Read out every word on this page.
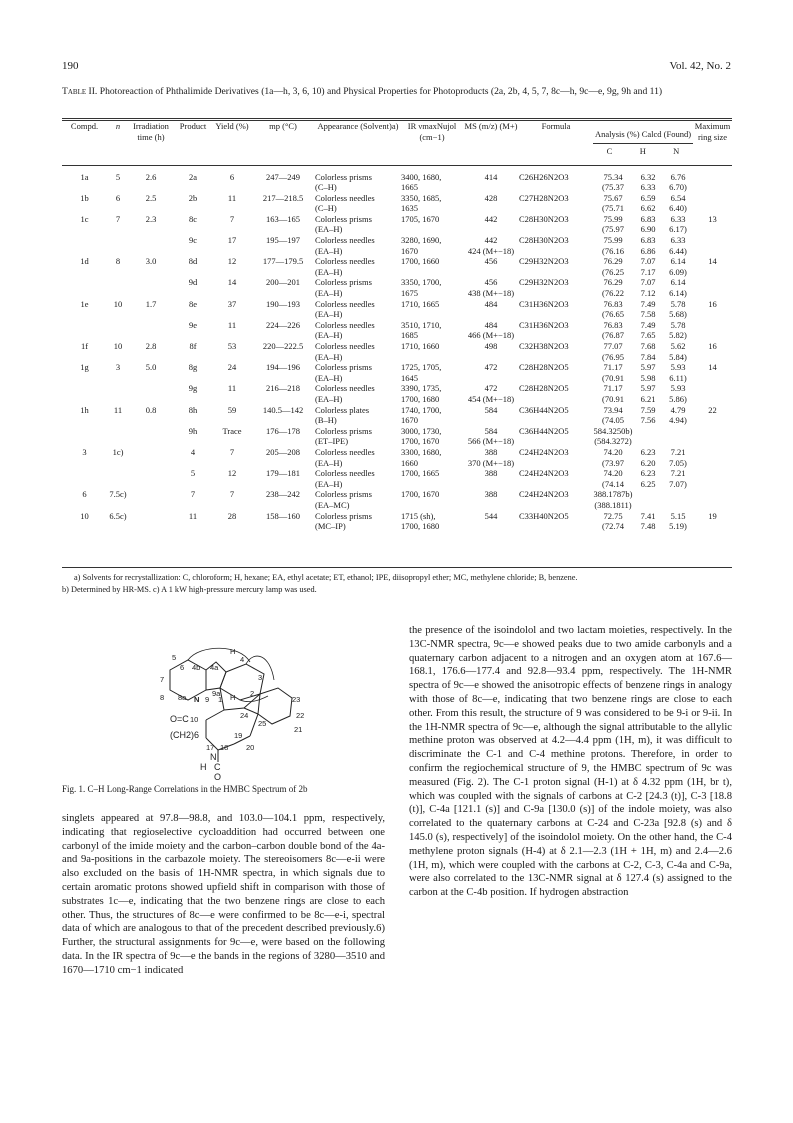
190	Vol. 42, No. 2
Table II. Photoreaction of Phthalimide Derivatives (1a—h, 3, 6, 10) and Physical Properties for Photoproducts (2a, 2b, 4, 5, 7, 8c—h, 9c—e, 9g, 9h and 11)
Compd.	n	Irradiation time (h)	Product	Yield (%)	mp (°C)	Appearance (Solvent)a)	IR νmaxNujol (cm−1)	MS (m/z) (M+)	Formula	Analysis (%) Calcd (Found)
C H N			Maximum ring size

1a	5	2.6	2a	6	247—249	Colorless prisms	3400, 1680,	414	C26H26N2O3	75.34	6.32	6.76	
						(C–H)	1665			(75.37	6.33	6.70)	
1b	6	2.5	2b	11	217—218.5	Colorless needles	3350, 1685,	428	C27H28N2O3	75.67	6.59	6.54	
						(C–H)	1635			(75.71	6.62	6.40)	
1c	7	2.3	8c	7	163—165	Colorless prisms	1705, 1670	442	C28H30N2O3	75.99	6.83	6.33	13
						(EA–H)				(75.97	6.90	6.17)	
			9c	17	195—197	Colorless needles	3280, 1690,	442	C28H30N2O3	75.99	6.83	6.33	
						(EA–H)	1670	424 (M+−18)		(76.16	6.86	6.44)	
1d	8	3.0	8d	12	177—179.5	Colorless needles	1700, 1660	456	C29H32N2O3	76.29	7.07	6.14	14
						(EA–H)				(76.25	7.17	6.09)	
			9d	14	200—201	Colorless prisms	3350, 1700,	456	C29H32N2O3	76.29	7.07	6.14	
						(EA–H)	1675	438 (M+−18)		(76.22	7.12	6.14)	
1e	10	1.7	8e	37	190—193	Colorless needles	1710, 1665	484	C31H36N2O3	76.83	7.49	5.78	16
						(EA–H)				(76.65	7.58	5.68)	
			9e	11	224—226	Colorless needles	3510, 1710,	484	C31H36N2O3	76.83	7.49	5.78	
						(EA–H)	1685	466 (M+−18)		(76.87	7.65	5.82)	
1f	10	2.8	8f	53	220—222.5	Colorless needles	1710, 1660	498	C32H38N2O3	77.07	7.68	5.62	16
						(EA–H)				(76.95	7.84	5.84)	
1g	3	5.0	8g	24	194—196	Colorless prisms	1725, 1705,	472	C28H28N2O5	71.17	5.97	5.93	14
						(EA–H)	1645			(70.91	5.98	6.11)	
			9g	11	216—218	Colorless needles	3390, 1735,	472	C28H28N2O5	71.17	5.97	5.93	
						(EA–H)	1700, 1680	454 (M+−18)		(70.91	6.21	5.86)	
1h	11	0.8	8h	59	140.5—142	Colorless plates	1740, 1700,	584	C36H44N2O5	73.94	7.59	4.79	22
						(B–H)	1670			(74.05	7.56	4.94)	
			9h	Trace	176—178	Colorless prisms	3000, 1730,	584	C36H44N2O5	584.3250b)			
						(ET–IPE)	1700, 1670	566 (M+−18)		(584.3272)			
3	1c)		4	7	205—208	Colorless needles	3300, 1680,	388	C24H24N2O3	74.20	6.23	7.21	
						(EA–H)	1660	370 (M+−18)		(73.97	6.20	7.05)	
			5	12	179—181	Colorless needles	1700, 1665	388	C24H24N2O3	74.20	6.23	7.21	
						(EA–H)				(74.14	6.25	7.07)	
6	7.5c)		7	7	238—242	Colorless prisms	1700, 1670	388	C24H24N2O3	388.1787b)			
						(EA–MC)				(388.1811)			
10	6.5c)		11	28	158—160	Colorless prisms	1715 (sh),	544	C33H40N2O5	72.75	7.41	5.15	19
						(MC–IP)	1700, 1680			(72.74	7.48	5.19)	
a) Solvents for recrystallization: C, chloroform; H, hexane; EA, ethyl acetate; ET, ethanol; IPE, diisopropyl ether; MC, methylene chloride; B, benzene.
b) Determined by HR-MS. c) A 1 kW high-pressure mercury lamp was used.
H
5
6 4b 4a
4
3
2
7
8 8a N 9
9a
1 H	23
O=C 10	22
(CH2)6
24
25
21
17 18
19
20
N
C
H
O
Fig. 1. C–H Long-Range Correlations in the HMBC Spectrum of 2b

singlets appeared at 97.8—98.8, and 103.0—104.1 ppm, respectively, indicating that regioselective cycloaddition had occurred between one carbonyl of the imide moiety and the carbon–carbon double bond of the 4a- and 9a-positions in the carbazole moiety. The stereoisomers 8c—e-ii were also excluded on the basis of 1H-NMR spectra, in which signals due to certain aromatic protons showed upfield shift in comparison with those of substrates 1c—e, indicating that the two benzene rings are close to each other. Thus, the structures of 8c—e were confirmed to be 8c—e-i, spectral data of which are analogous to that of the precedent described previously.6) Further, the structural assignments for 9c—e, were based on the following data. In the IR spectra of 9c—e the bands in the regions of 3280—3510 and 1670—1710 cm−1 indicated

the presence of the isoindolol and two lactam moieties, respectively. In the 13C-NMR spectra, 9c—e showed peaks due to two amide carbonyls and a quaternary carbon adjacent to a nitrogen and an oxygen atom at 167.6—168.1, 176.6—177.4 and 92.8—93.4 ppm, respectively. The 1H-NMR spectra of 9c—e showed the anisotropic effects of benzene rings in analogy with those of 8c—e, indicating that two benzene rings are close to each other. From this result, the structure of 9 was considered to be 9-i or 9-ii. In the 1H-NMR spectra of 9c—e, although the signal attributable to the allylic methine proton was observed at 4.2—4.4 ppm (1H, m), it was difficult to discriminate the C-1 and C-4 methine protons. Therefore, in order to confirm the regiochemical structure of 9, the HMBC spectrum of 9c was measured (Fig. 2). The C-1 proton signal (H-1) at δ 4.32 ppm (1H, br t), which was coupled with the signals of carbons at C-2 [24.3 (t)], C-3 [18.8 (t)], C-4a [121.1 (s)] and C-9a [130.0 (s)] of the indole moiety, was also correlated to the quaternary carbons at C-24 and C-23a [92.8 (s) and δ 145.0 (s), respectively] of the isoindolol moiety. On the other hand, the C-4 methylene proton signals (H-4) at δ 2.1—2.3 (1H + 1H, m) and 2.4—2.6 (1H, m), which were coupled with the carbons at C-2, C-3, C-4a and C-9a, were also correlated to the 13C-NMR signal at δ 127.4 (s) assigned to the carbon at the C-4b position. If hydrogen abstraction
